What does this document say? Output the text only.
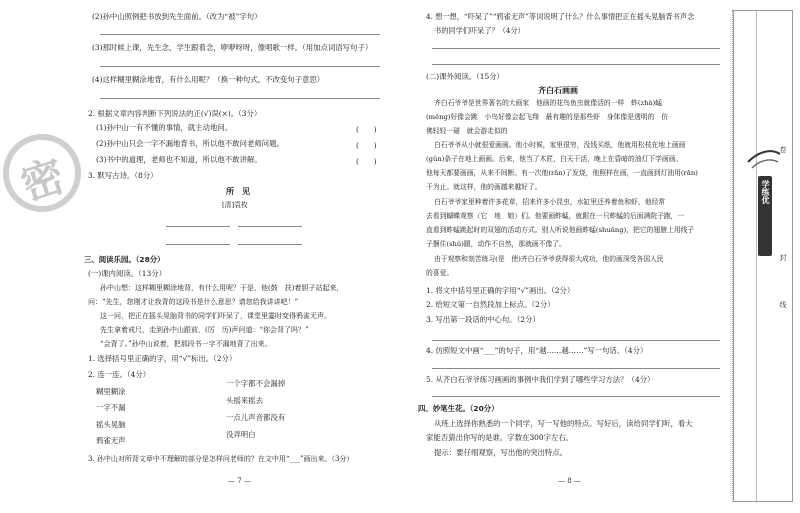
(2)孙中山照例把书放到先生面前。（改为“被”字句）
(3)那时候上课，先生念，学生跟着念，咿咿呀呀，像唱歌一样。（用加点词语写句子）
(4)这样糊里糊涂地背，有什么用呢？（换一种句式，不改变句子意思）
2. 根据文章内容判断下列说法的正(√)误(×)。（3分）
(1)孙中山一有不懂的事情，就主动地问。	(　　)
(2)孙中山只会一字不漏地背书，所以他不敢问老师问题。	(　　)
(3)书中的道理，老师也不知道，所以他不敢讲解。	(　　)
3. 默写古诗。（8分）
所　见
[清]袁枚
三、阅读乐园。（28分）
(一)课内阅读。（13分）
孙中山想：这样糊里糊涂地背，有什么用呢？于是，他(鼓　扶)着胆子站起来，
问：“先生，您刚才让我背的这段书是什么意思？请您给我讲讲吧！”
这一问，把正在摇头晃脑背书的同学们吓呆了，课堂里霎时变得鸦雀无声。
先生拿着戒尺，走到孙中山跟前，(厉　历)声问道：“你会背了吗？”
“会背了。”孙中山说着，把那段书一字不漏地背了出来。
1. 选择括号里正确的字，用“√”标出。（2分）
2. 连一连。（4分）
糊里糊涂
一字不漏
摇头晃脑
鸦雀无声
一个字都不会漏掉
头摇来摇去
一点儿声音都没有
没弄明白
3. 孙中山对所背文章中不理解的部分是怎样问老师的？在文中用“___”画出来。（3分）
— 7 —
密
4. 想一想，“吓呆了”“鸦雀无声”等词说明了什么？什么事情把正在摇头晃脑背书声念
书的同学们吓呆了？（4分）
(二)课外阅读。（15分）
齐白石画画
齐白石爷爷是世界著名的大画家　他画的花鸟鱼虫就像活的一样　蚱(zhà)蜢
(měng)好像会跳　小鸟好像会起飞翔　最有趣的是那些虾　身体像是透明的　仿
佛轻轻一碰　就会游走似的
白石爷爷从小就很爱画画。他小时候，家里很穷，没钱买纸，他就用松枝在地上画画
(gǔn)条子在地上画画。后来，他当了木匠，白天干活，晚上在昏暗的油灯下学画画。
他每天都要画画，从来不间断。有一次他(rǎn)了发烧，他照样在画，一直画到灯油用(rǎn)
干为止。就这样，他的画越来越好了。
白石爷爷家里种着许多花草，招来许多小昆虫，水缸里还养着鱼和虾，他经常
去看到蝴蝶观察（它　地　她）们。他要画蚱蜢，就跟在一只蚱蜢的后面满院子跑，一
直看到蚱蜢跳起时的双翅的活动方式。别人听说他画蚱蜢(shuāng)，把它的翅膀上用线子
子捆住(shǔ)腿，动作不自然，那就画不像了。
由于观察和刻苦练习(是　使)齐白石爷爷获得很大成功，他的画深受各国人民
的喜爱。
1. 将文中括号里正确的字用“√”画出。（2分）
2. 给短文第一自然段加上标点。（2分）
3. 写出第一段话的中心句。（2分）
4. 仿照短文中画“___”的句子，用“越……越……”写一句话。（4分）
5. 从齐白石爷爷练习画画的事例中我们学到了哪些学习方法？（4分）
四、妙笔生花。（20分）
从班上选择你熟悉的一个同学，写一写他的特点。写好后，读给同学们听，看大
家能否猜出你写的是谁。字数在300字左右。
提示：要仔细观察，写出他的突出特点。
— 8 —
卷
封
线
学练优
